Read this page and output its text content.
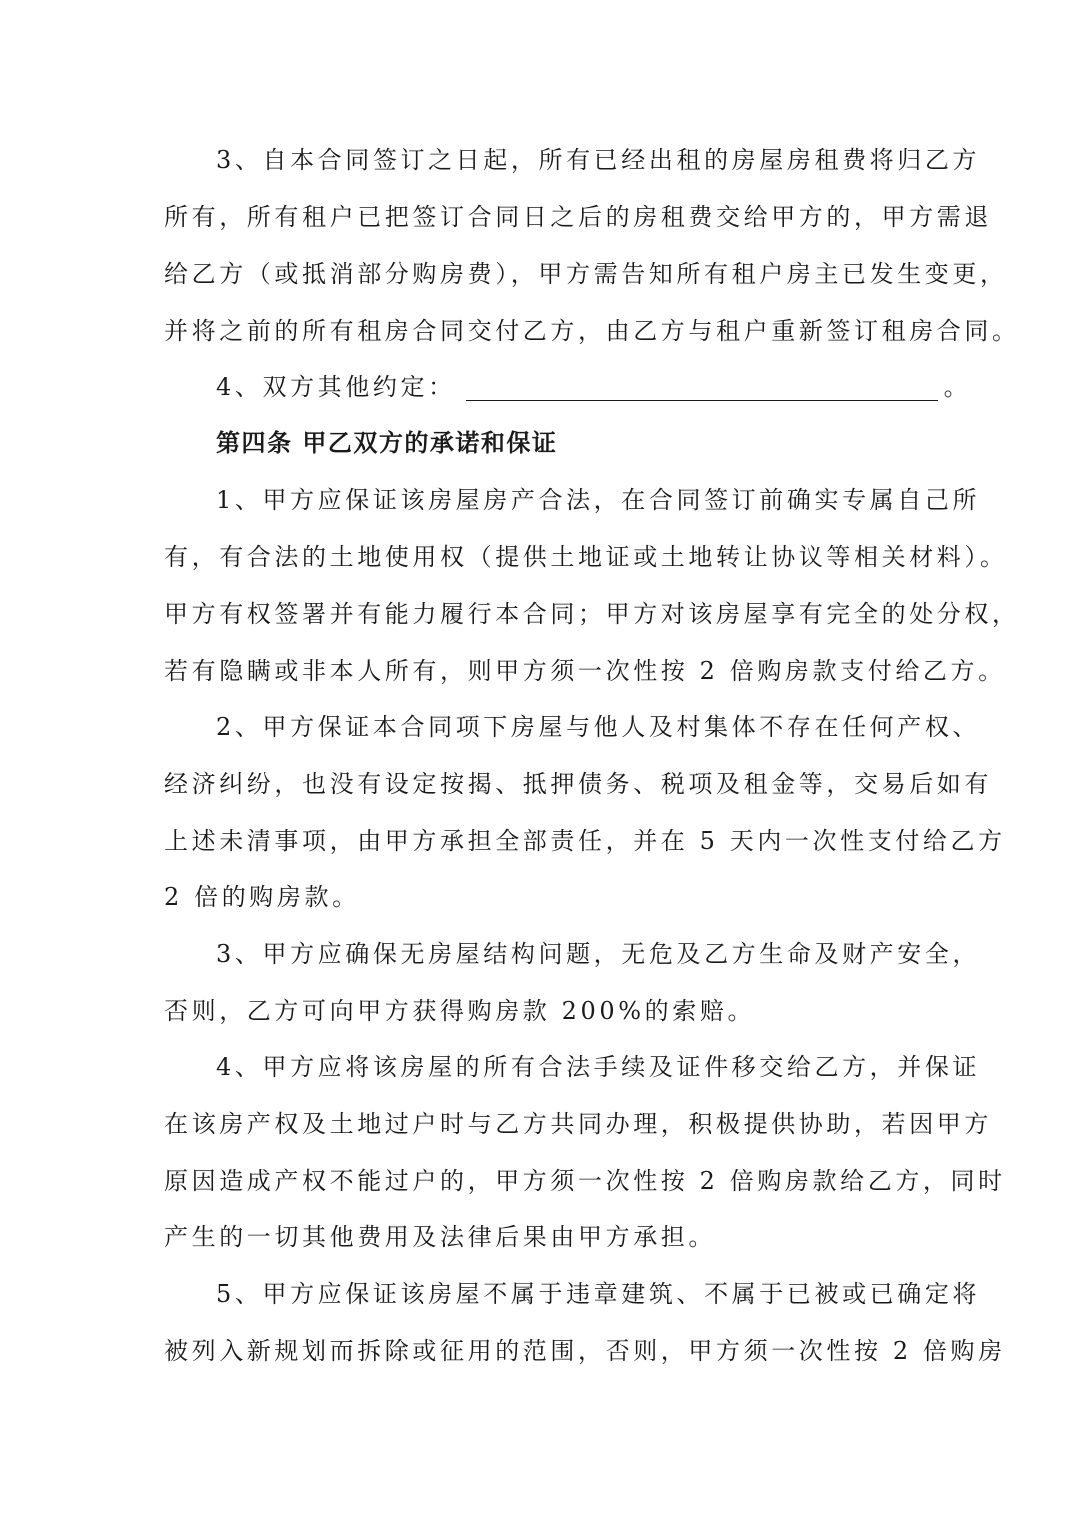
3、自本合同签订之日起，所有已经出租的房屋房租费将归乙方
所有，所有租户已把签订合同日之后的房租费交给甲方的，甲方需退
给乙方（或抵消部分购房费），甲方需告知所有租户房主已发生变更，
并将之前的所有租房合同交付乙方，由乙方与租户重新签订租房合同。
4、双方其他约定：	。
第四条 甲乙双方的承诺和保证
1、甲方应保证该房屋房产合法，在合同签订前确实专属自己所
有，有合法的土地使用权（提供土地证或土地转让协议等相关材料）。
甲方有权签署并有能力履行本合同；甲方对该房屋享有完全的处分权，
若有隐瞒或非本人所有，则甲方须一次性按 2 倍购房款支付给乙方。
2、甲方保证本合同项下房屋与他人及村集体不存在任何产权、
经济纠纷，也没有设定按揭、抵押债务、税项及租金等，交易后如有
上述未清事项，由甲方承担全部责任，并在 5 天内一次性支付给乙方
2 倍的购房款。
3、甲方应确保无房屋结构问题，无危及乙方生命及财产安全，
否则，乙方可向甲方获得购房款 200%的索赔。
4、甲方应将该房屋的所有合法手续及证件移交给乙方，并保证
在该房产权及土地过户时与乙方共同办理，积极提供协助，若因甲方
原因造成产权不能过户的，甲方须一次性按 2 倍购房款给乙方，同时
产生的一切其他费用及法律后果由甲方承担。
5、甲方应保证该房屋不属于违章建筑、不属于已被或已确定将
被列入新规划而拆除或征用的范围，否则，甲方须一次性按 2 倍购房
